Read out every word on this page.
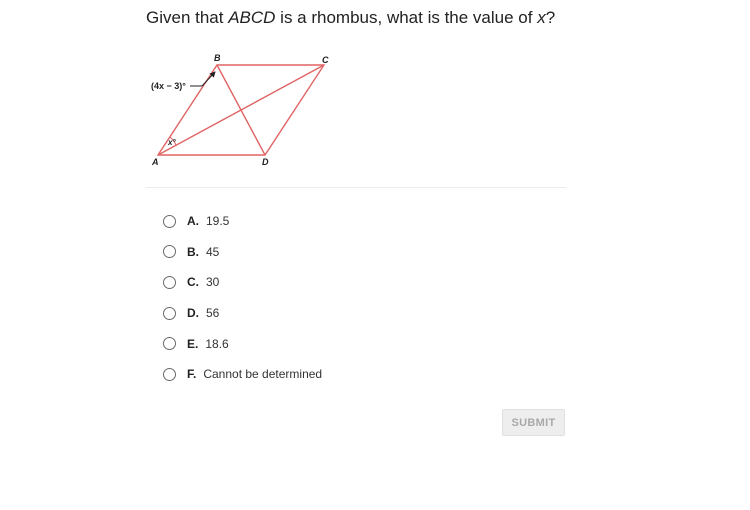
Given that ABCD is a rhombus, what is the value of x?
A
B	C
D
(4x − 3)°
x°
A. 19.5
B. 45
C. 30
D. 56
E. 18.6
F. Cannot be determined
SUBMIT
